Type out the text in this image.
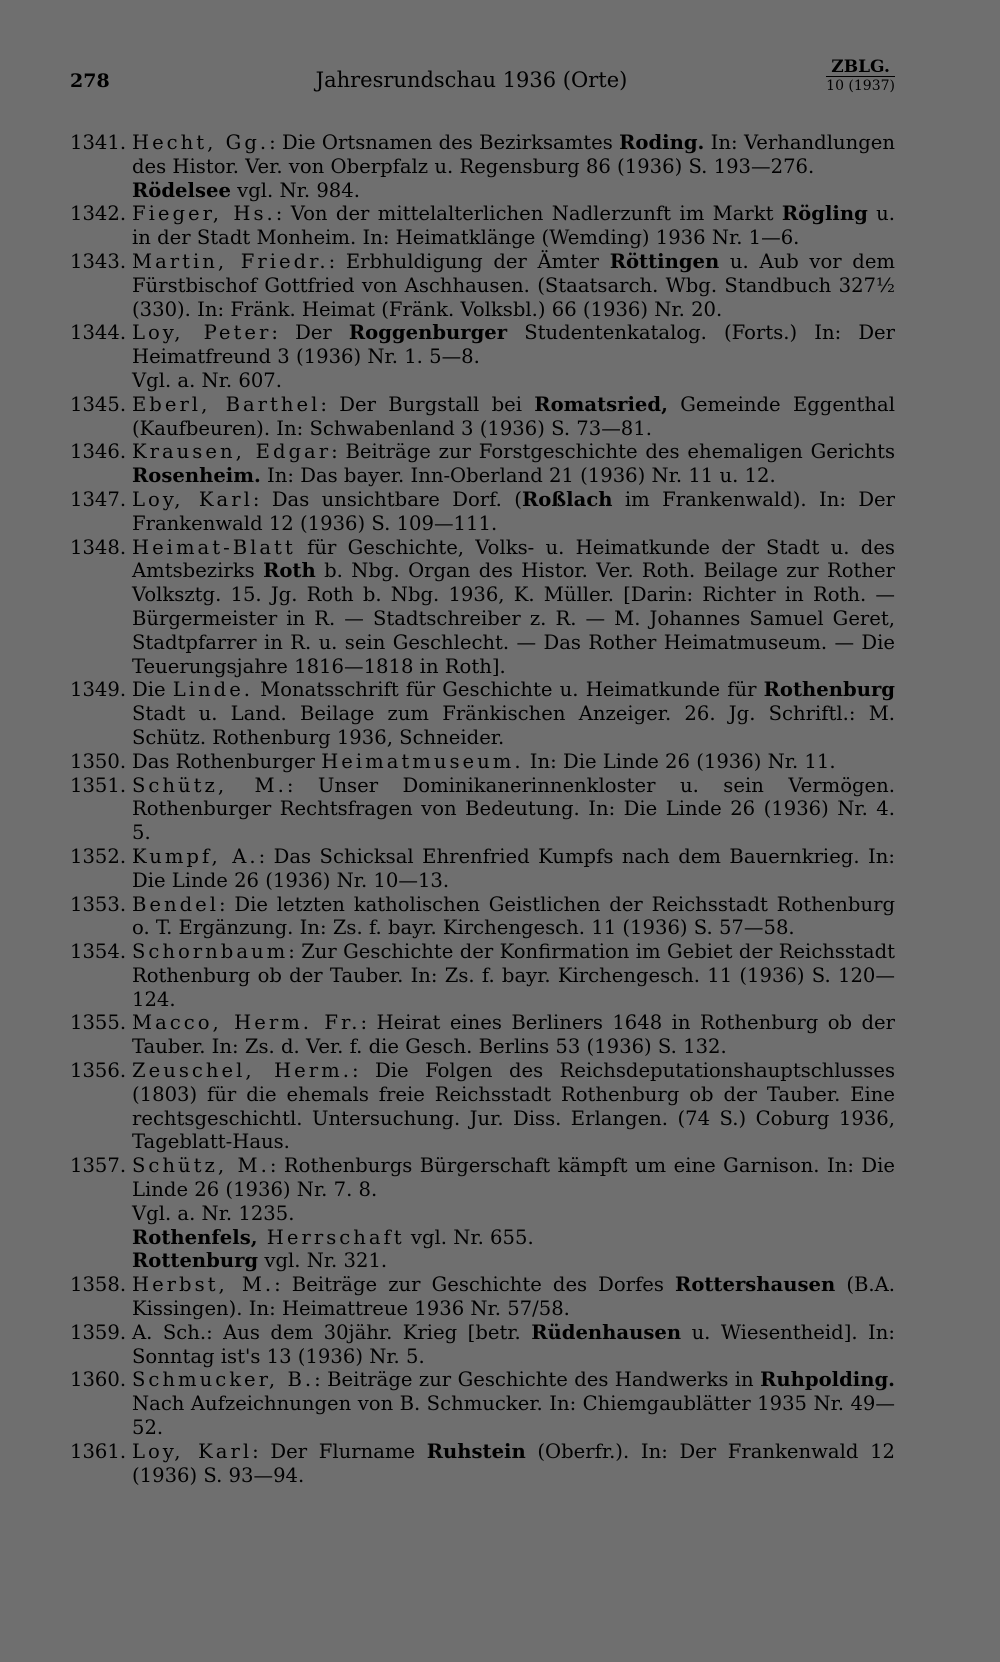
278	Jahresrundschau 1936 (Orte)
ZBLG.
10 (1937)
1341. Hecht, Gg.: Die Ortsnamen des Bezirksamtes Roding. In: Verhandlungen des Histor. Ver. von Oberpfalz u. Regensburg 86 (1936) S. 193—276.
Rödelsee vgl. Nr. 984.
1342. Fieger, Hs.: Von der mittelalterlichen Nadlerzunft im Markt Rögling u. in der Stadt Monheim. In: Heimatklänge (Wemding) 1936 Nr. 1—6.
1343. Martin, Friedr.: Erbhuldigung der Ämter Röttingen u. Aub vor dem Fürstbischof Gottfried von Aschhausen. (Staatsarch. Wbg. Standbuch 327½ (330). In: Fränk. Heimat (Fränk. Volksbl.) 66 (1936) Nr. 20.
1344. Loy, Peter: Der Roggenburger Studentenkatalog. (Forts.) In: Der Heimatfreund 3 (1936) Nr. 1. 5—8.
Vgl. a. Nr. 607.
1345. Eberl, Barthel: Der Burgstall bei Romatsried, Gemeinde Eggenthal (Kaufbeuren). In: Schwabenland 3 (1936) S. 73—81.
1346. Krausen, Edgar: Beiträge zur Forstgeschichte des ehemaligen Gerichts Rosenheim. In: Das bayer. Inn-Oberland 21 (1936) Nr. 11 u. 12.
1347. Loy, Karl: Das unsichtbare Dorf. (Roßlach im Frankenwald). In: Der Frankenwald 12 (1936) S. 109—111.
1348. Heimat-Blatt für Geschichte, Volks- u. Heimatkunde der Stadt u. des Amtsbezirks Roth b. Nbg. Organ des Histor. Ver. Roth. Beilage zur Rother Volksztg. 15. Jg. Roth b. Nbg. 1936, K. Müller. [Darin: Richter in Roth. — Bürgermeister in R. — Stadtschreiber z. R. — M. Johannes Samuel Geret, Stadtpfarrer in R. u. sein Geschlecht. — Das Rother Heimatmuseum. — Die Teuerungsjahre 1816—1818 in Roth].
1349. Die Linde. Monatsschrift für Geschichte u. Heimatkunde für Rothenburg Stadt u. Land. Beilage zum Fränkischen Anzeiger. 26. Jg. Schriftl.: M. Schütz. Rothenburg 1936, Schneider.
1350. Das Rothenburger Heimatmuseum. In: Die Linde 26 (1936) Nr. 11.
1351. Schütz, M.: Unser Dominikanerinnenkloster u. sein Vermögen. Rothenburger Rechtsfragen von Bedeutung. In: Die Linde 26 (1936) Nr. 4. 5.
1352. Kumpf, A.: Das Schicksal Ehrenfried Kumpfs nach dem Bauernkrieg. In: Die Linde 26 (1936) Nr. 10—13.
1353. Bendel: Die letzten katholischen Geistlichen der Reichsstadt Rothenburg o. T. Ergänzung. In: Zs. f. bayr. Kirchengesch. 11 (1936) S. 57—58.
1354. Schornbaum: Zur Geschichte der Konfirmation im Gebiet der Reichsstadt Rothenburg ob der Tauber. In: Zs. f. bayr. Kirchengesch. 11 (1936) S. 120—124.
1355. Macco, Herm. Fr.: Heirat eines Berliners 1648 in Rothenburg ob der Tauber. In: Zs. d. Ver. f. die Gesch. Berlins 53 (1936) S. 132.
1356. Zeuschel, Herm.: Die Folgen des Reichsdeputationshauptschlusses (1803) für die ehemals freie Reichsstadt Rothenburg ob der Tauber. Eine rechtsgeschichtl. Untersuchung. Jur. Diss. Erlangen. (74 S.) Coburg 1936, Tageblatt-Haus.
1357. Schütz, M.: Rothenburgs Bürgerschaft kämpft um eine Garnison. In: Die Linde 26 (1936) Nr. 7. 8.
Vgl. a. Nr. 1235.
Rothenfels, Herrschaft vgl. Nr. 655.
Rottenburg vgl. Nr. 321.
1358. Herbst, M.: Beiträge zur Geschichte des Dorfes Rottershausen (B.A. Kissingen). In: Heimattreue 1936 Nr. 57/58.
1359. A. Sch.: Aus dem 30jähr. Krieg [betr. Rüdenhausen u. Wiesentheid]. In: Sonntag ist's 13 (1936) Nr. 5.
1360. Schmucker, B.: Beiträge zur Geschichte des Handwerks in Ruhpolding. Nach Aufzeichnungen von B. Schmucker. In: Chiemgaublätter 1935 Nr. 49—52.
1361. Loy, Karl: Der Flurname Ruhstein (Oberfr.). In: Der Frankenwald 12 (1936) S. 93—94.
